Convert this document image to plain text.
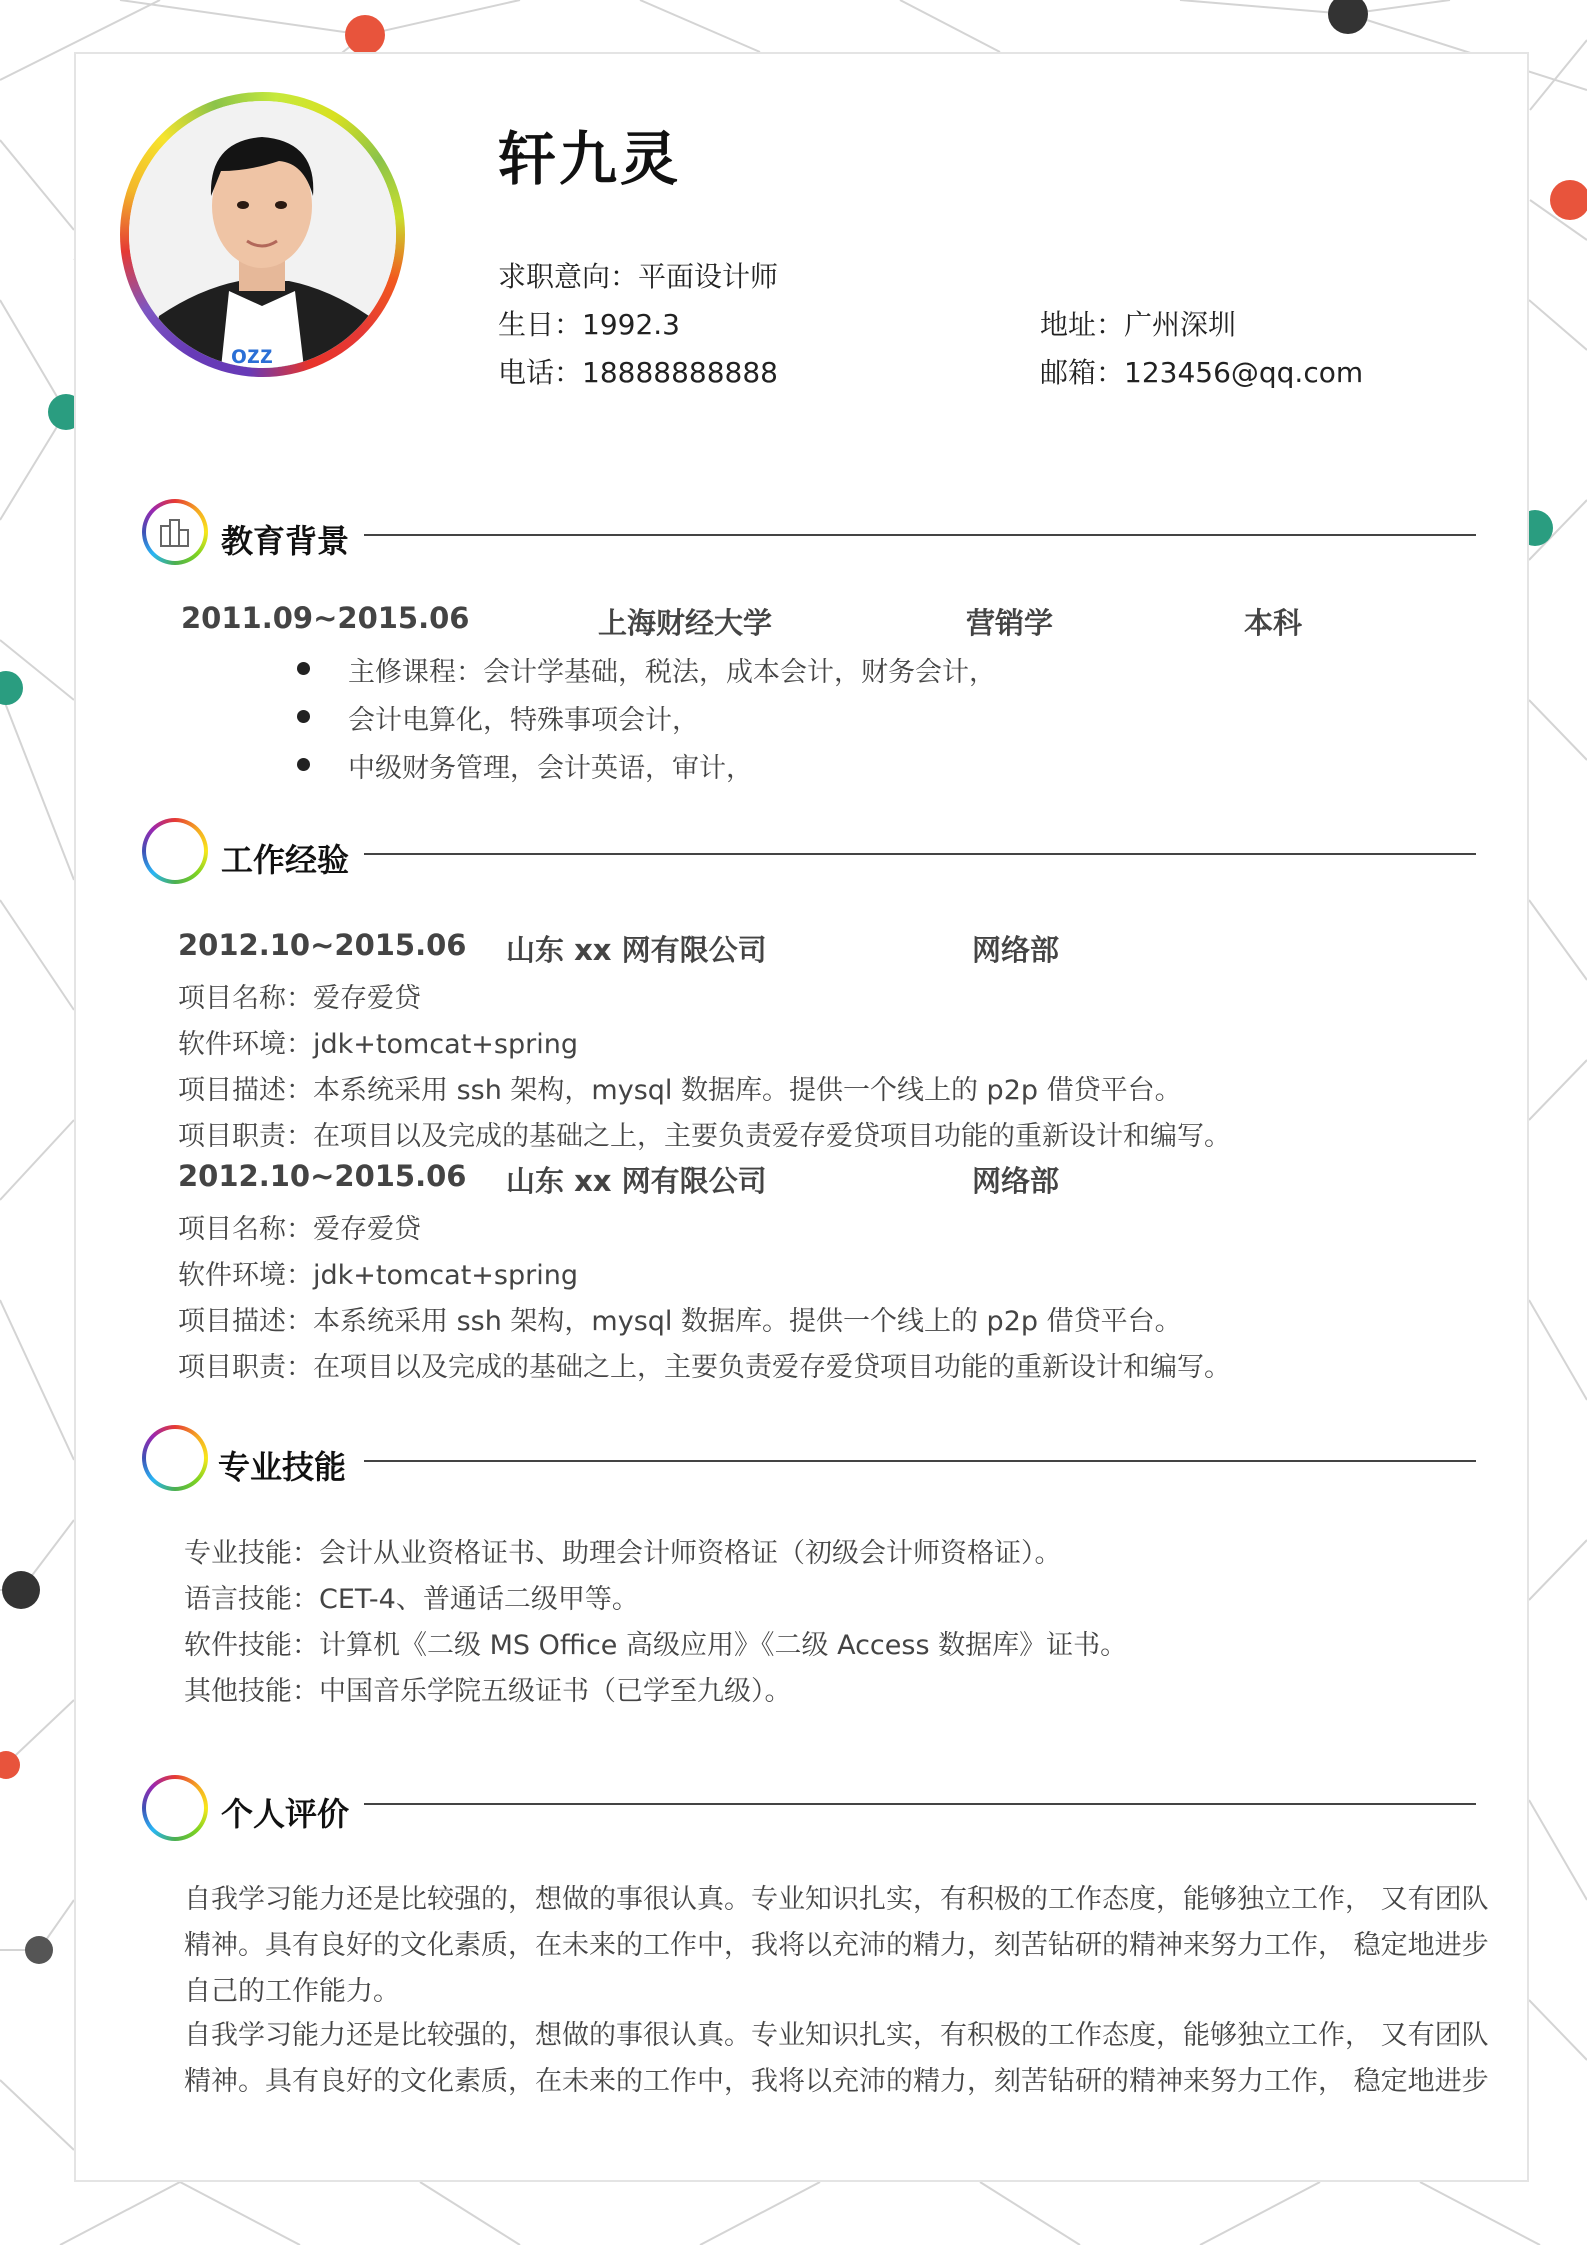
ozz
轩九灵
求职意向：平面设计师
生日：1992.3	地址：广州深圳
电话：18888888888	邮箱：123456@qq.com
教育背景
2011.09~2015.06	上海财经大学	营销学	本科
主修课程：会计学基础，税法，成本会计，财务会计，
会计电算化，特殊事项会计，
中级财务管理，会计英语，审计，
工作经验
2012.10~2015.06 山东 xx 网有限公司	网络部
项目名称：爱存爱贷
软件环境：jdk+tomcat+spring
项目描述：本系统采用 ssh 架构，mysql 数据库。提供一个线上的 p2p 借贷平台。
项目职责：在项目以及完成的基础之上，主要负责爱存爱贷项目功能的重新设计和编写。
2012.10~2015.06 山东 xx 网有限公司	网络部
项目名称：爱存爱贷
软件环境：jdk+tomcat+spring
项目描述：本系统采用 ssh 架构，mysql 数据库。提供一个线上的 p2p 借贷平台。
项目职责：在项目以及完成的基础之上，主要负责爱存爱贷项目功能的重新设计和编写。
专业技能
专业技能：会计从业资格证书、助理会计师资格证（初级会计师资格证）。
语言技能：CET-4、普通话二级甲等。
软件技能：计算机《二级 MS Office 高级应用》《二级 Access 数据库》证书。
其他技能：中国音乐学院五级证书（已学至九级）。
个人评价
自我学习能力还是比较强的，想做的事很认真。专业知识扎实，有积极的工作态度，能够独立工作， 又有团队
精神。具有良好的文化素质，在未来的工作中，我将以充沛的精力，刻苦钻研的精神来努力工作， 稳定地进步
自己的工作能力。
自我学习能力还是比较强的，想做的事很认真。专业知识扎实，有积极的工作态度，能够独立工作， 又有团队
精神。具有良好的文化素质，在未来的工作中，我将以充沛的精力，刻苦钻研的精神来努力工作， 稳定地进步
